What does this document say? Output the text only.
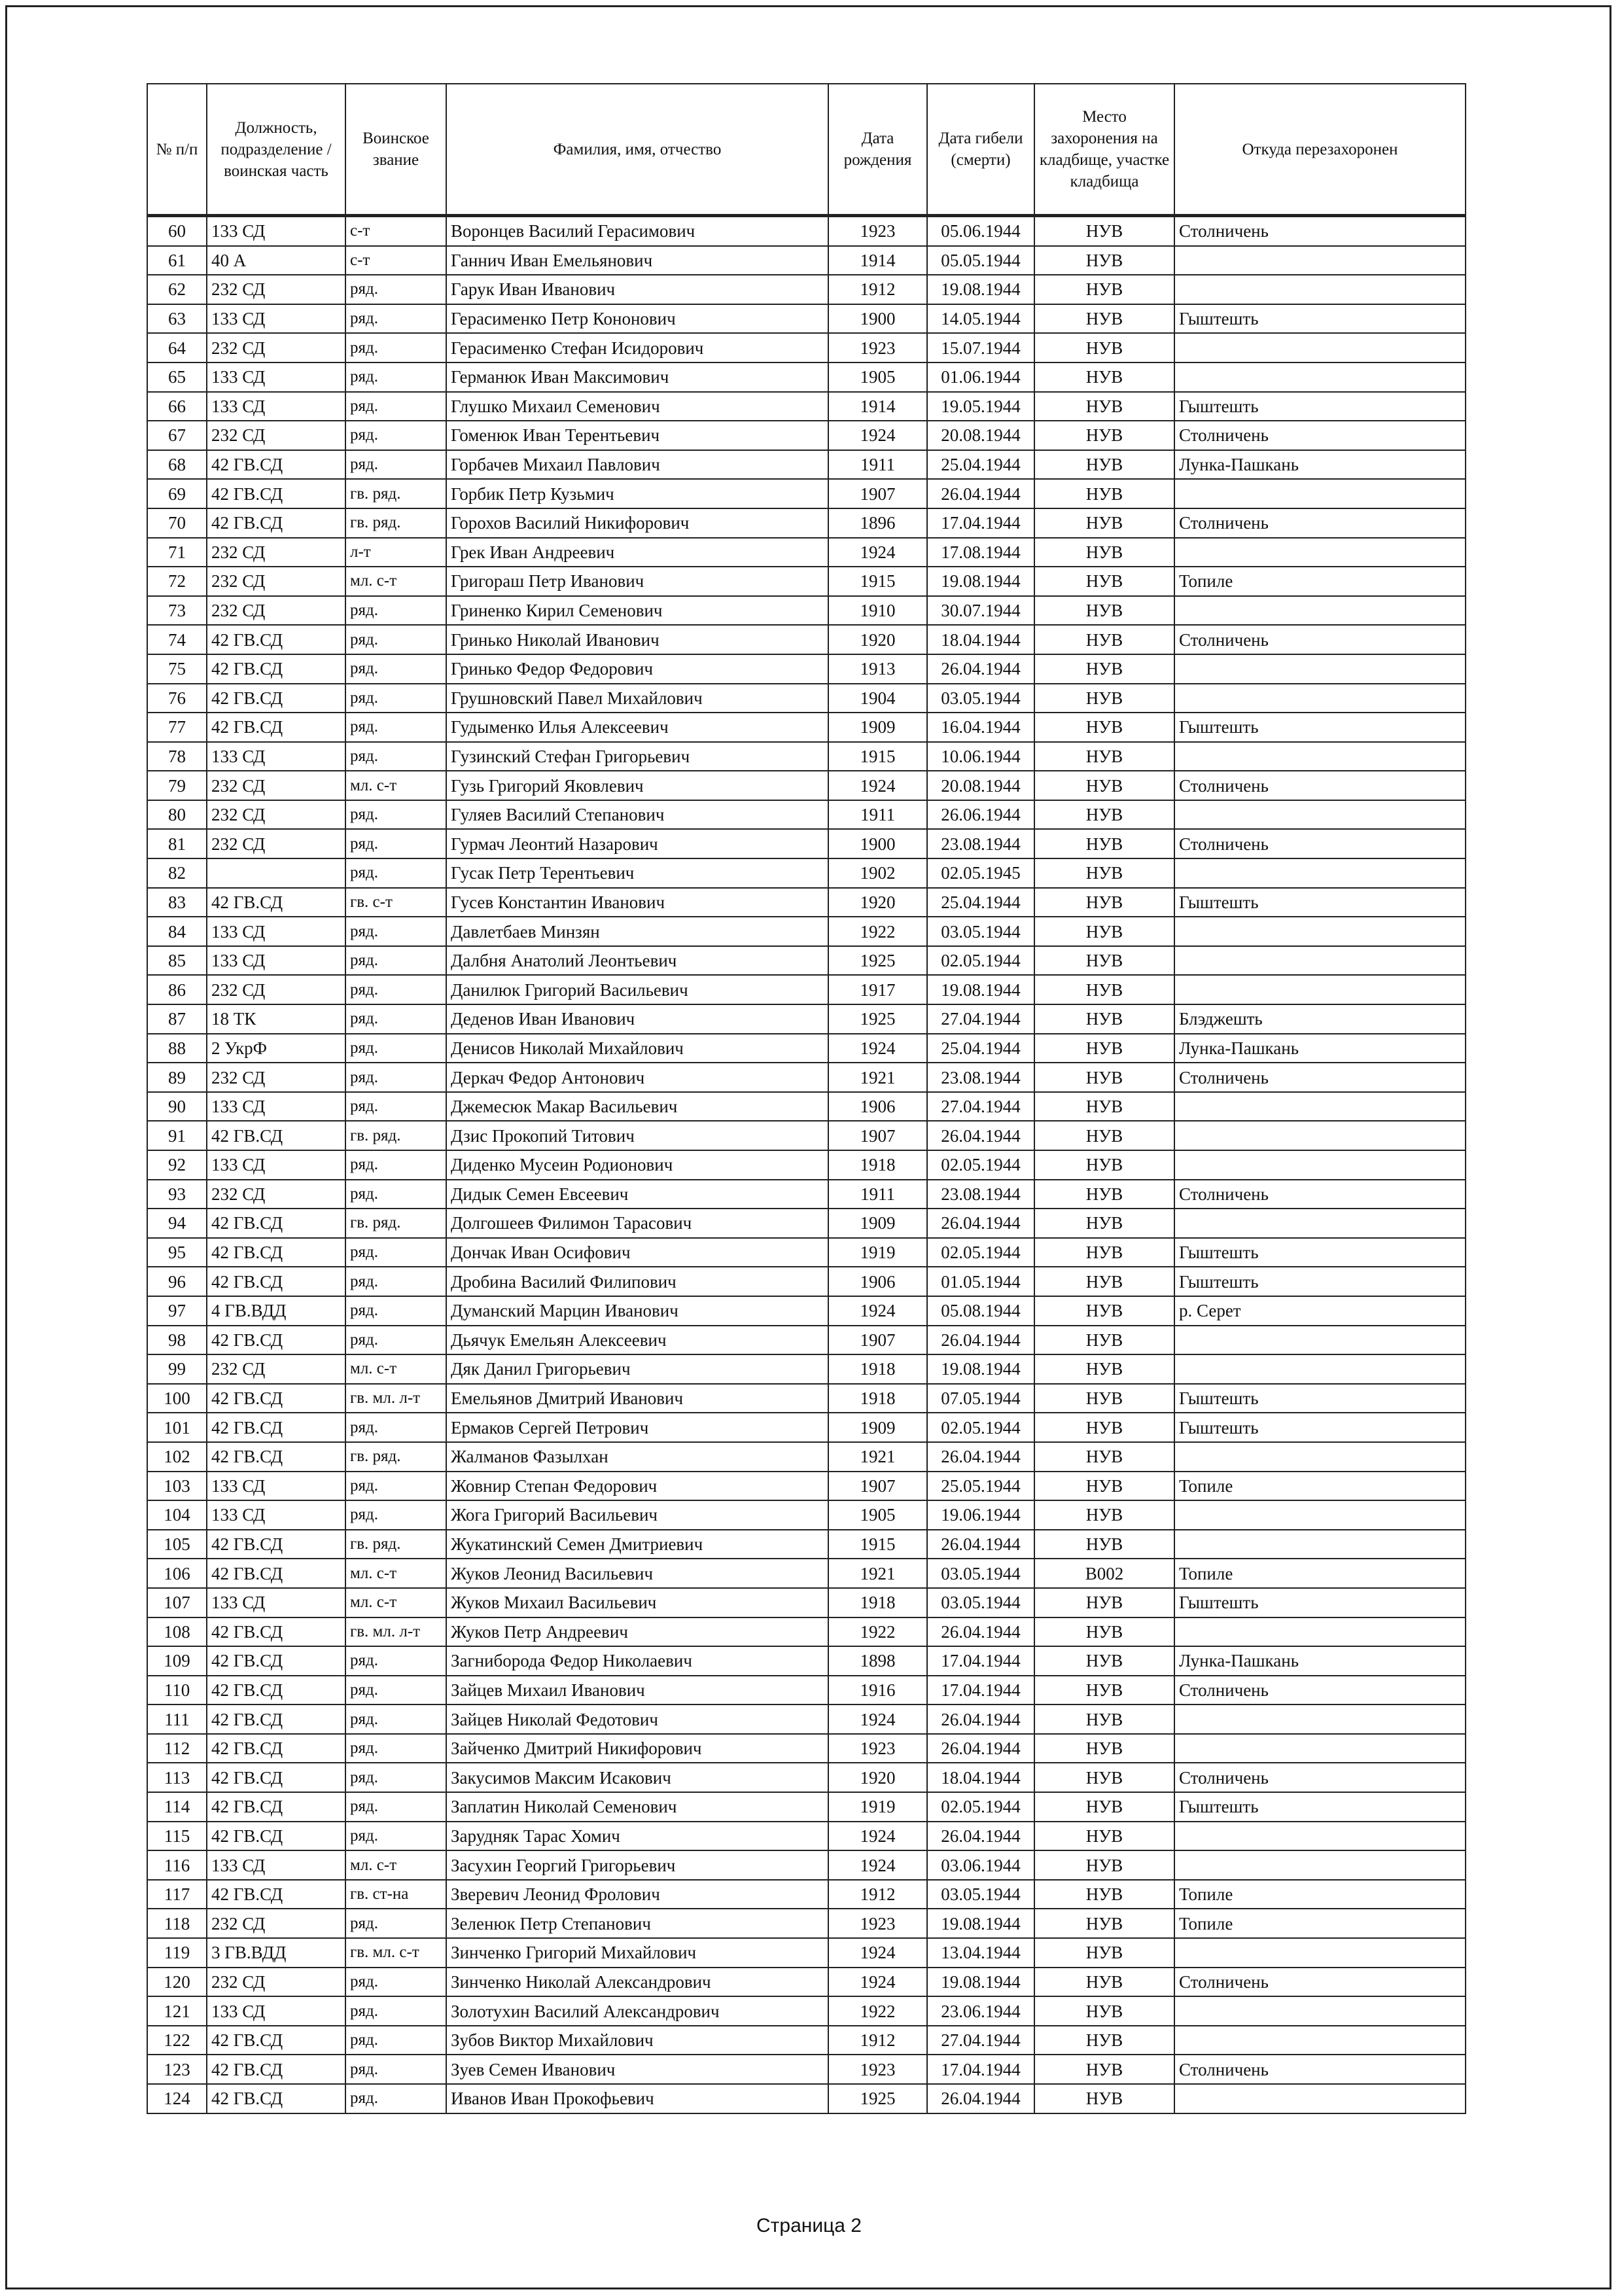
№ п/п	Должность, подразделение / воинская часть	Воинское звание	Фамилия, имя, отчество	Дата рождения	Дата гибели (смерти)	Место захоронения на кладбище, участке кладбища	Откуда перезахоронен
60	133 СД	с-т	Воронцев Василий Герасимович	1923	05.06.1944	НУВ	Столничень
61	40 А	с-т	Ганнич Иван Емельянович	1914	05.05.1944	НУВ	
62	232 СД	ряд.	Гарук Иван Иванович	1912	19.08.1944	НУВ	
63	133 СД	ряд.	Герасименко Петр Кононович	1900	14.05.1944	НУВ	Гыштешть
64	232 СД	ряд.	Герасименко Стефан Исидорович	1923	15.07.1944	НУВ	
65	133 СД	ряд.	Германюк Иван Максимович	1905	01.06.1944	НУВ	
66	133 СД	ряд.	Глушко Михаил Семенович	1914	19.05.1944	НУВ	Гыштешть
67	232 СД	ряд.	Гоменюк Иван Терентьевич	1924	20.08.1944	НУВ	Столничень
68	42 ГВ.СД	ряд.	Горбачев Михаил Павлович	1911	25.04.1944	НУВ	Лунка-Пашкань
69	42 ГВ.СД	гв. ряд.	Горбик Петр Кузьмич	1907	26.04.1944	НУВ	
70	42 ГВ.СД	гв. ряд.	Горохов Василий Никифорович	1896	17.04.1944	НУВ	Столничень
71	232 СД	л-т	Грек Иван Андреевич	1924	17.08.1944	НУВ	
72	232 СД	мл. с-т	Григораш Петр Иванович	1915	19.08.1944	НУВ	Топиле
73	232 СД	ряд.	Гриненко Кирил Семенович	1910	30.07.1944	НУВ	
74	42 ГВ.СД	ряд.	Гринько Николай Иванович	1920	18.04.1944	НУВ	Столничень
75	42 ГВ.СД	ряд.	Гринько Федор Федорович	1913	26.04.1944	НУВ	
76	42 ГВ.СД	ряд.	Грушновский Павел Михайлович	1904	03.05.1944	НУВ	
77	42 ГВ.СД	ряд.	Гудыменко Илья Алексеевич	1909	16.04.1944	НУВ	Гыштешть
78	133 СД	ряд.	Гузинский Стефан Григорьевич	1915	10.06.1944	НУВ	
79	232 СД	мл. с-т	Гузь Григорий Яковлевич	1924	20.08.1944	НУВ	Столничень
80	232 СД	ряд.	Гуляев Василий Степанович	1911	26.06.1944	НУВ	
81	232 СД	ряд.	Гурмач Леонтий Назарович	1900	23.08.1944	НУВ	Столничень
82		ряд.	Гусак Петр Терентьевич	1902	02.05.1945	НУВ	
83	42 ГВ.СД	гв. с-т	Гусев Константин Иванович	1920	25.04.1944	НУВ	Гыштешть
84	133 СД	ряд.	Давлетбаев Минзян	1922	03.05.1944	НУВ	
85	133 СД	ряд.	Далбня Анатолий Леонтьевич	1925	02.05.1944	НУВ	
86	232 СД	ряд.	Данилюк Григорий Васильевич	1917	19.08.1944	НУВ	
87	18 ТК	ряд.	Деденов Иван Иванович	1925	27.04.1944	НУВ	Блэджешть
88	2 УкрФ	ряд.	Денисов Николай Михайлович	1924	25.04.1944	НУВ	Лунка-Пашкань
89	232 СД	ряд.	Деркач Федор Антонович	1921	23.08.1944	НУВ	Столничень
90	133 СД	ряд.	Джемесюк Макар Васильевич	1906	27.04.1944	НУВ	
91	42 ГВ.СД	гв. ряд.	Дзис Прокопий Титович	1907	26.04.1944	НУВ	
92	133 СД	ряд.	Диденко Мусеин Родионович	1918	02.05.1944	НУВ	
93	232 СД	ряд.	Дидык Семен Евсеевич	1911	23.08.1944	НУВ	Столничень
94	42 ГВ.СД	гв. ряд.	Долгошеев Филимон Тарасович	1909	26.04.1944	НУВ	
95	42 ГВ.СД	ряд.	Дончак Иван Осифович	1919	02.05.1944	НУВ	Гыштешть
96	42 ГВ.СД	ряд.	Дробина Василий Филипович	1906	01.05.1944	НУВ	Гыштешть
97	4 ГВ.ВДД	ряд.	Думанский Марцин Иванович	1924	05.08.1944	НУВ	р. Серет
98	42 ГВ.СД	ряд.	Дьячук Емельян Алексеевич	1907	26.04.1944	НУВ	
99	232 СД	мл. с-т	Дяк Данил Григорьевич	1918	19.08.1944	НУВ	
100	42 ГВ.СД	гв. мл. л-т	Емельянов Дмитрий Иванович	1918	07.05.1944	НУВ	Гыштешть
101	42 ГВ.СД	ряд.	Ермаков Сергей Петрович	1909	02.05.1944	НУВ	Гыштешть
102	42 ГВ.СД	гв. ряд.	Жалманов Фазылхан	1921	26.04.1944	НУВ	
103	133 СД	ряд.	Жовнир Степан Федорович	1907	25.05.1944	НУВ	Топиле
104	133 СД	ряд.	Жога Григорий Васильевич	1905	19.06.1944	НУВ	
105	42 ГВ.СД	гв. ряд.	Жукатинский Семен Дмитриевич	1915	26.04.1944	НУВ	
106	42 ГВ.СД	мл. с-т	Жуков Леонид Васильевич	1921	03.05.1944	В002	Топиле
107	133 СД	мл. с-т	Жуков Михаил Васильевич	1918	03.05.1944	НУВ	Гыштешть
108	42 ГВ.СД	гв. мл. л-т	Жуков Петр Андреевич	1922	26.04.1944	НУВ	
109	42 ГВ.СД	ряд.	Загнибородa Федор Николаевич	1898	17.04.1944	НУВ	Лунка-Пашкань
110	42 ГВ.СД	ряд.	Зайцев Михаил Иванович	1916	17.04.1944	НУВ	Столничень
111	42 ГВ.СД	ряд.	Зайцев Николай Федотович	1924	26.04.1944	НУВ	
112	42 ГВ.СД	ряд.	Зайченко Дмитрий Никифорович	1923	26.04.1944	НУВ	
113	42 ГВ.СД	ряд.	Закусимов Максим Исакович	1920	18.04.1944	НУВ	Столничень
114	42 ГВ.СД	ряд.	Заплатин Николай Семенович	1919	02.05.1944	НУВ	Гыштешть
115	42 ГВ.СД	ряд.	Зарудняк Тарас Хомич	1924	26.04.1944	НУВ	
116	133 СД	мл. с-т	Засухин Георгий Григорьевич	1924	03.06.1944	НУВ	
117	42 ГВ.СД	гв. ст-на	Зверевич Леонид Фролович	1912	03.05.1944	НУВ	Топиле
118	232 СД	ряд.	Зеленюк Петр Степанович	1923	19.08.1944	НУВ	Топиле
119	3 ГВ.ВДД	гв. мл. с-т	Зинченко Григорий Михайлович	1924	13.04.1944	НУВ	
120	232 СД	ряд.	Зинченко Николай Александрович	1924	19.08.1944	НУВ	Столничень
121	133 СД	ряд.	Золотухин Василий Александрович	1922	23.06.1944	НУВ	
122	42 ГВ.СД	ряд.	Зубов Виктор Михайлович	1912	27.04.1944	НУВ	
123	42 ГВ.СД	ряд.	Зуев Семен Иванович	1923	17.04.1944	НУВ	Столничень
124	42 ГВ.СД	ряд.	Иванов Иван Прокофьевич	1925	26.04.1944	НУВ	
Страница 2
